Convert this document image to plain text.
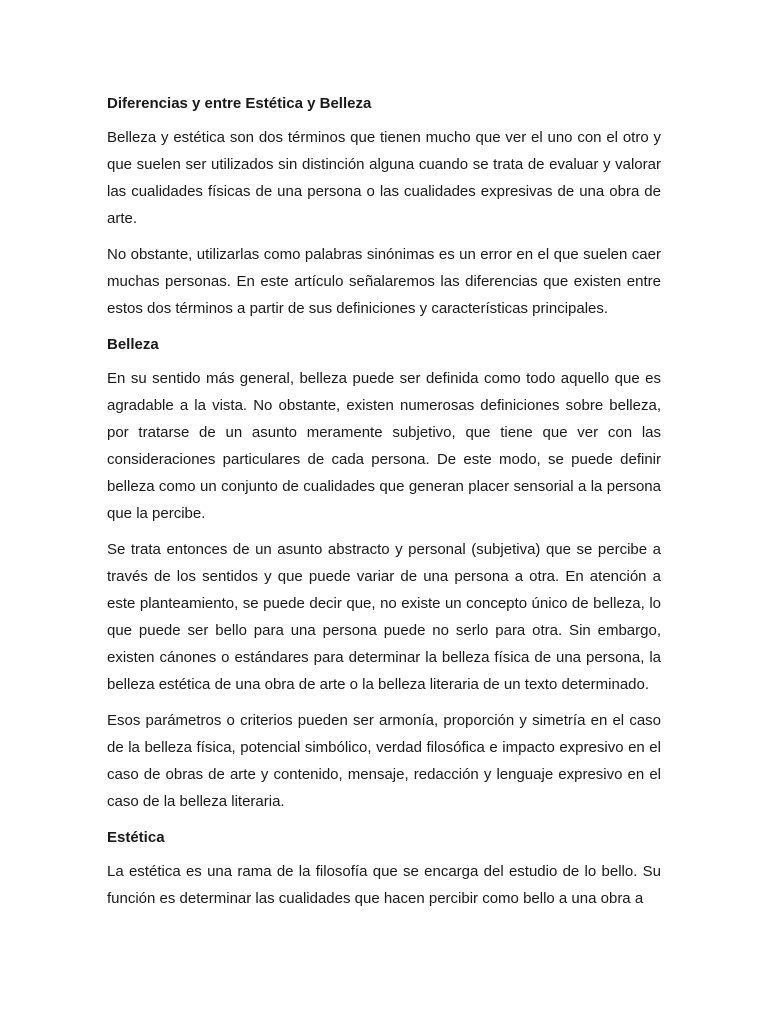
Diferencias y entre Estética y Belleza

Belleza y estética son dos términos que tienen mucho que ver el uno con el otro y que suelen ser utilizados sin distinción alguna cuando se trata de evaluar y valorar las cualidades físicas de una persona o las cualidades expresivas de una obra de arte.

No obstante, utilizarlas como palabras sinónimas es un error en el que suelen caer muchas personas. En este artículo señalaremos las diferencias que existen entre estos dos términos a partir de sus definiciones y características principales.

Belleza

En su sentido más general, belleza puede ser definida como todo aquello que es agradable a la vista. No obstante, existen numerosas definiciones sobre belleza, por tratarse de un asunto meramente subjetivo, que tiene que ver con las consideraciones particulares de cada persona. De este modo, se puede definir belleza como un conjunto de cualidades que generan placer sensorial a la persona que la percibe.

Se trata entonces de un asunto abstracto y personal (subjetiva) que se percibe a través de los sentidos y que puede variar de una persona a otra. En atención a este planteamiento, se puede decir que, no existe un concepto único de belleza, lo que puede ser bello para una persona puede no serlo para otra. Sin embargo, existen cánones o estándares para determinar la belleza física de una persona, la belleza estética de una obra de arte o la belleza literaria de un texto determinado.

Esos parámetros o criterios pueden ser armonía, proporción y simetría en el caso de la belleza física, potencial simbólico, verdad filosófica e impacto expresivo en el caso de obras de arte y contenido, mensaje, redacción y lenguaje expresivo en el caso de la belleza literaria.

Estética

La estética es una rama de la filosofía que se encarga del estudio de lo bello. Su función es determinar las cualidades que hacen percibir como bello a una obra a
